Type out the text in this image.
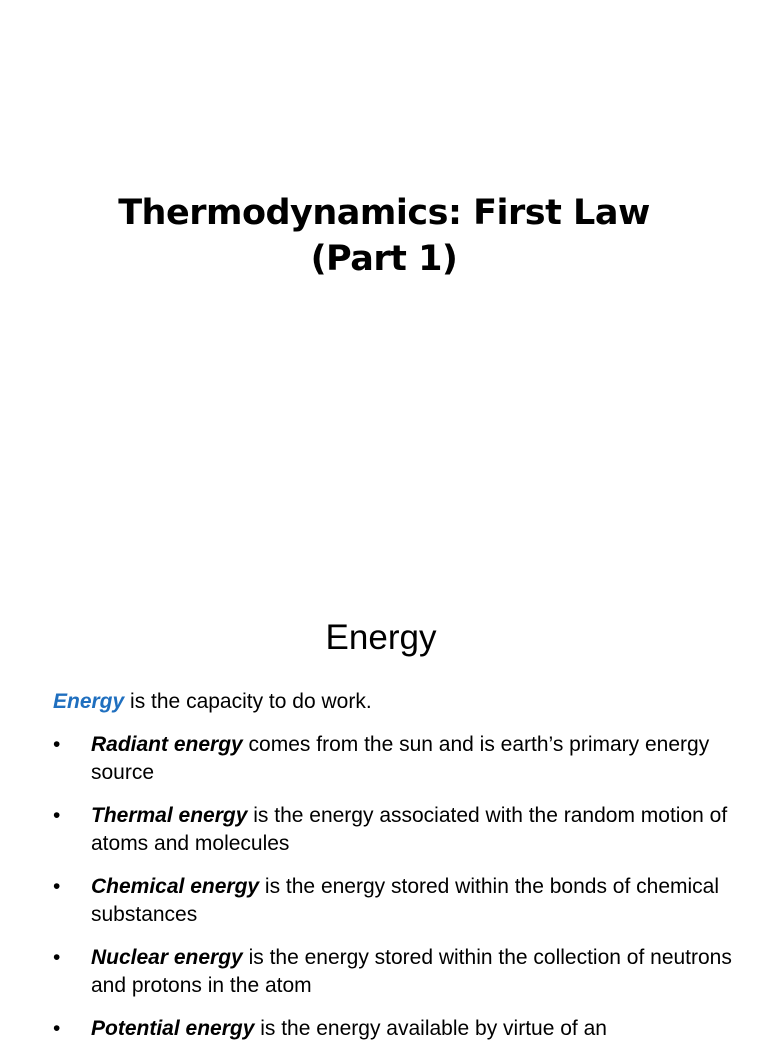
Thermodynamics: First Law
(Part 1)
Energy
Energy is the capacity to do work.
• Radiant energy comes from the sun and is earth’s primary energy source
• Thermal energy is the energy associated with the random motion of atoms and molecules
• Chemical energy is the energy stored within the bonds of chemical substances
• Nuclear energy is the energy stored within the collection of neutrons and protons in the atom
• Potential energy is the energy available by virtue of an
